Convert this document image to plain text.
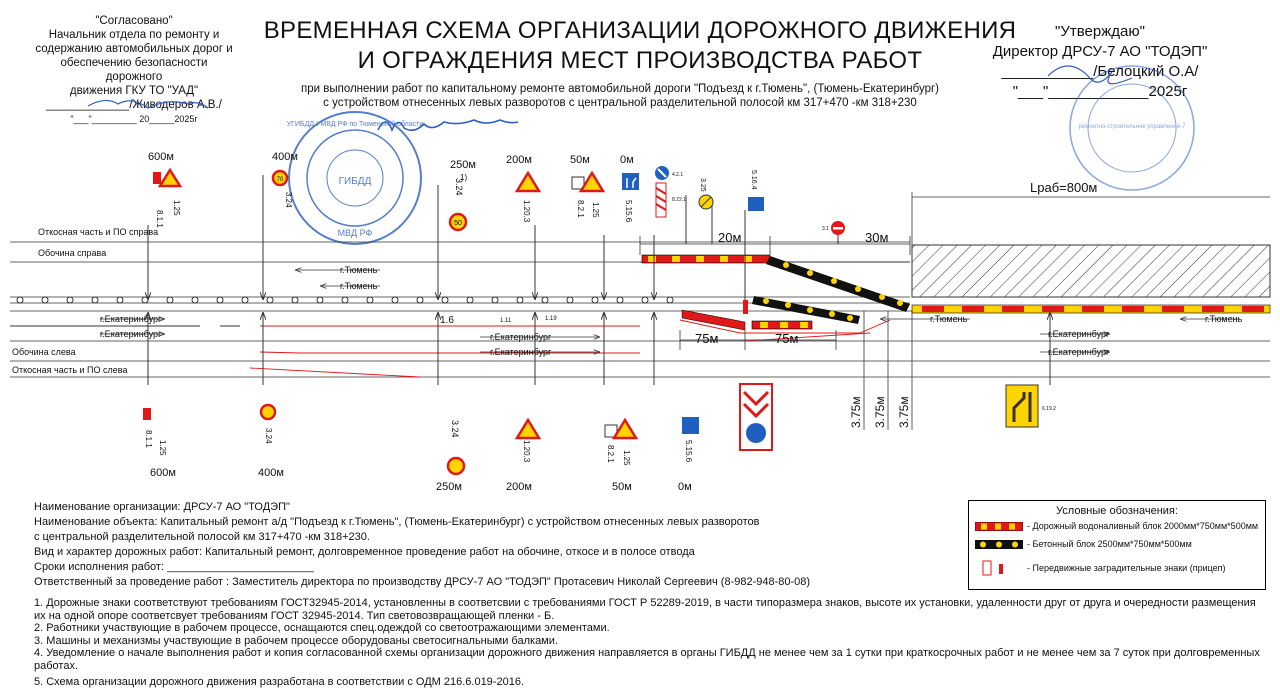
ВРЕМЕННАЯ СХЕМА ОРГАНИЗАЦИИ ДОРОЖНОГО ДВИЖЕНИЯ
И ОГРАЖДЕНИЯ МЕСТ ПРОИЗВОДСТВА РАБОТ
при выполнении работ по капитальному ремонте автомобильной дороги "Подъезд к г.Тюмень", (Тюмень-Екатеринбург)
с устройством отнесенных левых разворотов с центральной разделительной полосой км 317+470 -км 318+230
"Согласовано"
Начальник отдела по ремонту и
содержанию автомобильных дорог и
обеспечению безопасности дорожного
движения ГКУ ТО "УАД"
_____________/Живодеров А.В./
"___"_________ 20_____2025г
"Утверждаю"
Директор ДРСУ-7 АО "ТОДЭП"
___________/Белоцкий О.А/
"___"____________2025г
ГИБДД
МВД РФ
УГИБДД УМВД РФ по Тюменской области	ремонтно-строительное управление-7
70
50
Откосная часть и ПО справа
Обочина справа
Обочина слева
Откосная часть и ПО слева
г.Тюмень
г.Тюмень
г.Екатеринбург
г.Екатеринбург	г.Екатеринбург
г.Екатеринбург
г.Тюмень	г.Тюмень
г.Екатеринбург
г.Екатеринбург
1.6	1.11	1.19
Lраб=800м
20м	30м
75м	75м
3.75м 3.75м 3.75м
600м	400м
250м	200м	50м	0м
8.1.1
1.25
3.24
3.24
1)
1.20.3	8.2.1 1.25	5.15.6
4.2.1
8.22.1
3.25	5.16.4
3.1
600м	400м
250м	200м	50м	0м
8.1.1 1.25
3.24	3.24
1.20.3	8.2.1 1.25	5.15.6
6.19.2

Наименование организации: ДРСУ-7 АО "ТОДЭП"

Наименование объекта: Капитальный ремонт а/д "Подъезд к г.Тюмень", (Тюмень-Екатеринбург) с устройством отнесенных левых разворотов

с центральной разделительной полосой км 317+470 -км 318+230.

Вид и характер дорожных работ: Капитальный ремонт, долговременное проведение работ на обочине, откосе и в полосе отвода

Сроки исполнения работ: ________________________

Ответственный за проведение работ : Заместитель директора по производству ДРСУ-7 АО "ТОДЭП" Протасевич Николай Сергеевич (8-982-948-80-08)

1. Дорожные знаки соответствуют требованиям ГОСТ32945-2014, установленны в соответсвии с требованиями ГОСТ Р 52289-2019, в части типоразмера знаков, высоте их установки, удаленности друг от друга и очередности размещения их на одной опоре соответсвует требованиям ГОСТ 32945-2014. Тип световозвращающей пленки - Б.

2. Работники участвующие в рабочем процессе, оснащаются спец.одеждой со светоотражающими элементами.

3. Машины и механизмы участвующие в рабочем процессе оборудованы светосигнальными балками.

4. Уведомление о начале выполнения работ и копия согласованной схемы организации дорожного движения направляется в органы ГИБДД не менее чем за 1 сутки при краткосрочных работ и не менее чем за 7 суток при долговременных работах.

5. Схема организации дорожного движения разработана в соответствии с ОДМ 216.6.019-2016.

Условные обозначения:
- Дорожный водоналивный блок 2000мм*750мм*500мм
- Бетонный блок 2500мм*750мм*500мм
- Передвижные заградительные знаки (прицеп)
